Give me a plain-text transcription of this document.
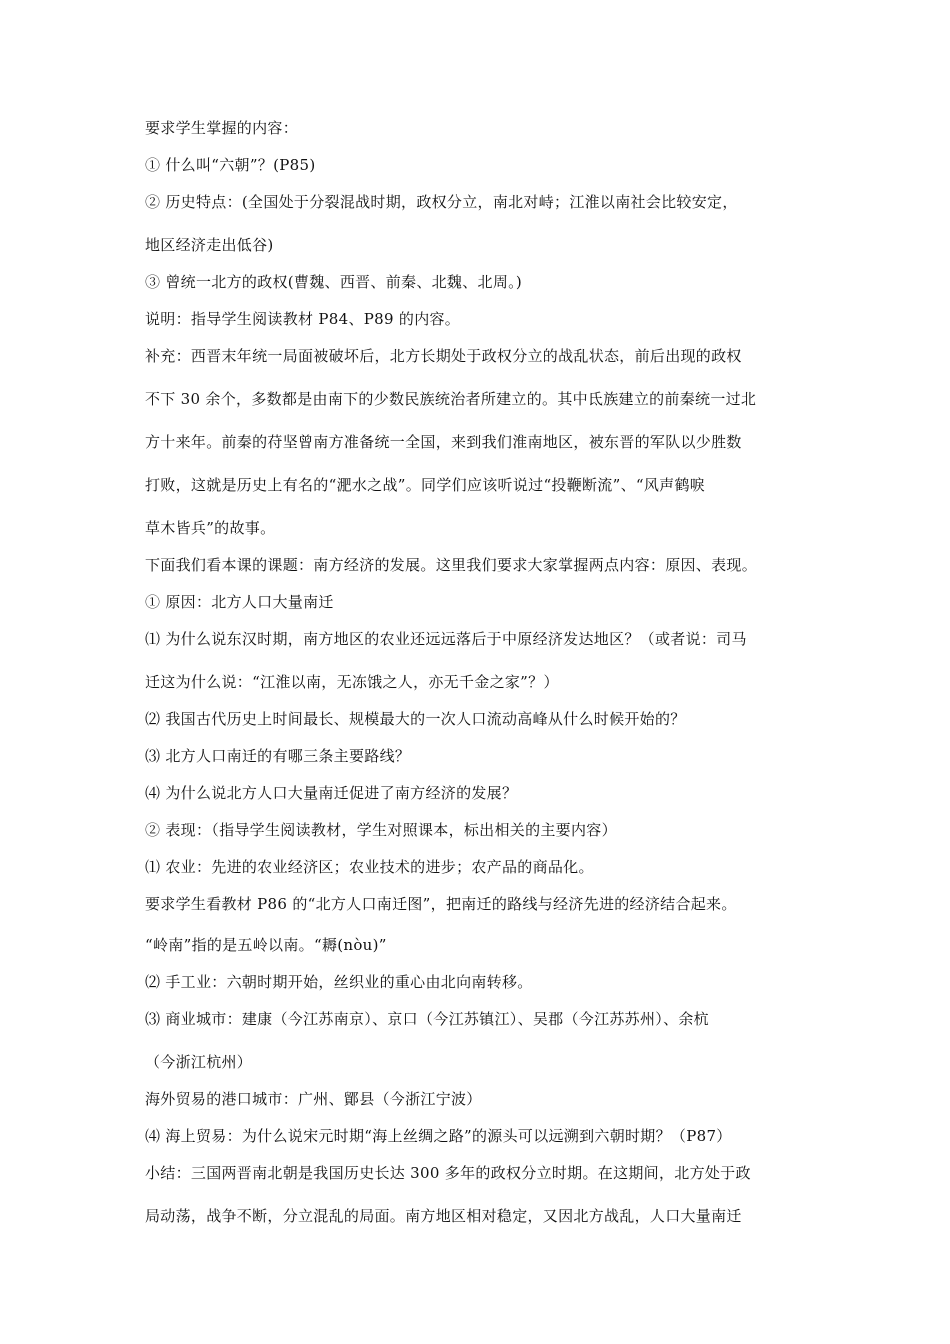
要求学生掌握的内容：
① 什么叫“六朝”？(P85)
② 历史特点：(全国处于分裂混战时期，政权分立，南北对峙；江淮以南社会比较安定，
地区经济走出低谷)
③ 曾统一北方的政权(曹魏、西晋、前秦、北魏、北周。)
说明：指导学生阅读教材 P84、P89 的内容。
补充：西晋末年统一局面被破坏后，北方长期处于政权分立的战乱状态，前后出现的政权
不下 30 余个，多数都是由南下的少数民族统治者所建立的。其中氐族建立的前秦统一过北
方十来年。前秦的苻坚曾南方准备统一全国，来到我们淮南地区，被东晋的军队以少胜数
打败，这就是历史上有名的“淝水之战”。同学们应该听说过“投鞭断流”、“风声鹤唳
草木皆兵”的故事。
下面我们看本课的课题：南方经济的发展。这里我们要求大家掌握两点内容：原因、表现。
① 原因：北方人口大量南迁
⑴ 为什么说东汉时期，南方地区的农业还远远落后于中原经济发达地区？（或者说：司马
迁这为什么说：“江淮以南，无冻饿之人，亦无千金之家”？）
⑵ 我国古代历史上时间最长、规模最大的一次人口流动高峰从什么时候开始的？
⑶ 北方人口南迁的有哪三条主要路线？
⑷ 为什么说北方人口大量南迁促进了南方经济的发展？
② 表现：（指导学生阅读教材，学生对照课本，标出相关的主要内容）
⑴ 农业：先进的农业经济区；农业技术的进步；农产品的商品化。
要求学生看教材 P86 的“北方人口南迁图”，把南迁的路线与经济先进的经济结合起来。
“岭南”指的是五岭以南。“耨(nòu)”
⑵ 手工业：六朝时期开始，丝织业的重心由北向南转移。
⑶ 商业城市：建康（今江苏南京）、京口（今江苏镇江）、吴郡（今江苏苏州）、余杭
（今浙江杭州）
海外贸易的港口城市：广州、鄮县（今浙江宁波）
⑷ 海上贸易：为什么说宋元时期“海上丝绸之路”的源头可以远溯到六朝时期？（P87）
小结：三国两晋南北朝是我国历史长达 300 多年的政权分立时期。在这期间，北方处于政
局动荡，战争不断，分立混乱的局面。南方地区相对稳定，又因北方战乱，人口大量南迁
